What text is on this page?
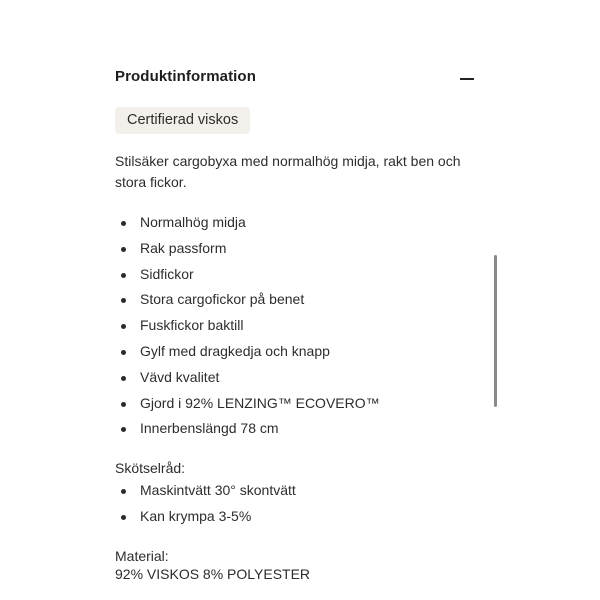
Produktinformation
Certifierad viskos
Stilsäker cargobyxa med normalhög midja, rakt ben och stora fickor.
Normalhög midja
Rak passform
Sidfickor
Stora cargofickor på benet
Fuskfickor baktill
Gylf med dragkedja och knapp
Vävd kvalitet
Gjord i 92% LENZING™ ECOVERO™
Innerbenslängd 78 cm
Skötselråd:
Maskintvätt 30° skontvätt
Kan krympa 3-5%
Material:
92% VISKOS 8% POLYESTER
